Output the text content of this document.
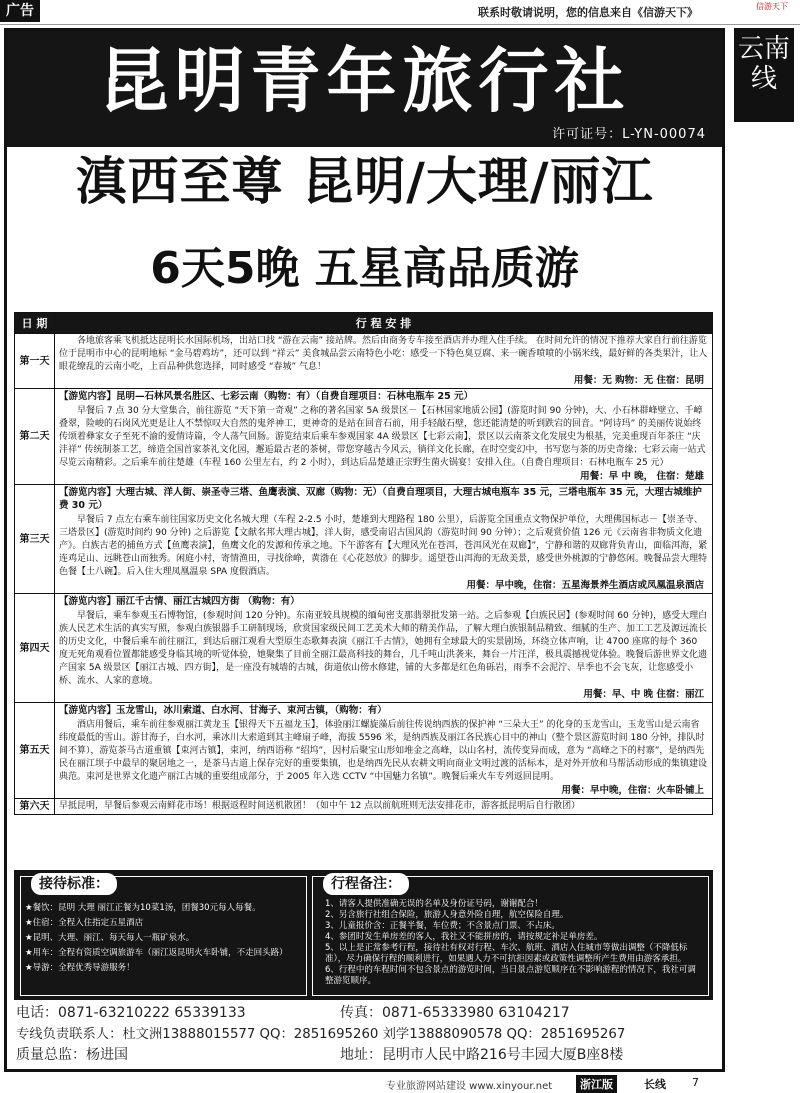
广告	联系时敬请说明，您的信息来自《信游天下》	信游天下
云南线
昆明青年旅行社
许可证号：L-YN-00074
滇西至尊 昆明/大理/丽江
6天5晚 五星高品质游
日 期	行 程 安 排
第一天	各地旅客乘飞机抵达昆明长水国际机场，出站口找 “游在云南” 接站牌。然后由商务专车接至酒店并办理入住手续。 在时间允许的情况下推荐大家自行前往游览位于昆明市中心的昆明地标 “金马碧鸡坊”，还可以到 “祥云” 美食城品尝云南特色小吃：感受一下特色臭豆腐、来一碗香喷喷的小锅米线，最好鲜的各类果汁，让人眼花缭乱的云南小吃，上百品种供您选择，同时感受 “春城” 气息！
用餐：无 购物：无 住宿：昆明

第二天	【游览内容】昆明—石林风景名胜区、七彩云南（购物：有）（自费自理项目：石林电瓶车 25 元）
早餐后 7 点 30 分大堂集合，前往游览 “天下第一奇观” 之称的著名国家 5A 级景区－【石林国家地质公园】(游览时间 90 分钟)，大、小石林群峰壁立、千嶂叠翠，险峻的石岗风光更是让人不禁惊叹大自然的鬼斧神工，更神奇的是站在回音石前，用手轻敲石壁，您还能清楚的听到跌宕的回音。“阿诗玛” 的美丽传说始终传颂着彝家女子至死不渝的爱情诗篇，令人荡气回肠。游览结束后乘车参观国家 4A 级景区【七彩云南】，景区以云南茶文化发展史为根基，完美重现百年茶庄 “庆沣祥” 传统制茶工艺，缔造全国首家茶礼文化园，邂逅最古老的茶树，带您穿越古今风云，徜徉文化长廊，在时空变幻中，书写您与茶的历史奇缘；七彩云南一站式尽览云南精彩。之后乘车前往楚雄（车程 160 公里左右，约 2 小时），到达后品楚雄正宗野生菌火锅宴！安排入住。（自费自理项目：石林电瓶车 25 元）
用餐：早 中 晚， 住宿：楚雄

第三天	【游览内容】大理古城、洋人街、崇圣寺三塔、鱼鹰表演、双廊（购物：无）（自费自理项目，大理古城电瓶车 35 元，三塔电瓶车 35 元，大理古城维护费 30 元）
早餐后 7 点左右乘车前往国家历史文化名城大理（车程 2-2.5 小时，楚雄到大理路程 180 公里），后游览全国重点文物保护单位，大理佛国标志－【崇圣寺、三塔景区】(游览时间约 90 分钟) 之后游览【文献名邦大理古城】，洋人街，感受南诏古国风韵（游览时间 90 分钟）；之后观赏价值 126 元《云南省非物质文化遗产》。白族古老的捕鱼方式【鱼鹰表演】，鱼鹰文化的发源和传承之地。下午游客有【大理风光在苍洱，苍洱风光在双廊】”，宁静和谐的双廊背负青山，面临洱海，紧连鸡足山、远眺苍山而独秀。闲庭小村，寄情渔田，寻找徐峥，黄渤在《心花怒放》的脚步。遥望苍山洱海的无敌美景，感受世外桃源的宁静悠闲。晚餐品尝大理特色餐【土八碗】。后入住大理凤凰温泉 SPA 度假酒店。
用餐：早中晚，住宿：五星海景养生酒店或凤凰温泉酒店

第四天	【游览内容】丽江千古情、丽江古城四方街 （购物：有）
早餐后，乘车参观玉石博物馆，(参观时间 120 分钟)。东南亚较具规模的缅甸密支那翡翠批发第一站。之后参观【白族民居】(参观时间 60 分钟)，感受大理白族人民艺术生活的真实写照，参观白族银器手工研制现场，欣赏国家级民间工艺美术大师的精美作品，了解大理白族银制品精致、细腻的生产、加工工艺及源远流长的历史文化，中餐后乘车前往丽江，到达后丽江观看大型原生态歌舞表演《丽江千古情》，她拥有全球最大的实景剧场，环绕立体声响，让 4700 座席的每个 360 度无死角观看位置都能感受身临其境的听觉体验，她聚集了目前全丽江最高科技的舞台，几千吨山洪袭来，舞台一片汪洋，极具震撼视觉体验。晚餐后游世界文化遗产国家 5A 级景区【丽江古城、四方街】，是一座没有城墙的古城，街道依山傍水修建，铺的大多都是红色角砾岩，雨季不会泥泞、旱季也不会飞灰，让您感受小桥、流水、人家的意境。
用餐：早、中 晚 住宿：丽江

第五天	【游览内容】玉龙雪山，冰川索道、白水河、甘海子、束河古镇，（购物：有）
酒店用餐后，乘车前往参观丽江黄龙玉【银得天下五福龙玉】，体验丽江螺旋藻后前往传说纳西族的保护神 “三朵大王” 的化身的玉龙雪山，玉龙雪山是云南省纬度最低的雪山。游甘海子，白水河，乘冰川大索道到其主峰扇子峰，海拔 5596 米，是纳西族及丽江各民族心目中的神山（整个景区游览时间 180 分钟，排队时间不算），游览茶马古道重镇【束河古镇】，束河，纳西语称 “绍坞”，因村后聚宝山形如堆金之高峰，以山名村，流传变异而成，意为 “高峰之下的村寨”，是纳西先民在丽江坝子中最早的聚居地之一，是茶马古道上保存完好的重要集镇，也是纳西先民从农耕文明向商业文明过渡的活标本，是对外开放和马帮活动形成的集镇建设典范。束河是世界文化遗产丽江古城的重要组成部分，于 2005 年入选 CCTV “中国魅力名镇”。晚餐后乘火车专列返回昆明。
用餐：早中晚，住宿：火车卧铺上

第六天	早抵昆明，早餐后参观云南鲜花市场！根据返程时间送机散团！（如中午 12 点以前航班则无法安排花市，游客抵昆明后自行散团）
接待标准：
★餐饮：昆明 大理 丽江正餐为10菜1汤，团餐30元每人每餐。
★住宿：全程入住指定五星酒店
★昆明、大理、丽江、每天每人一瓶矿泉水。
★用车：全程有资质空调旅游车（丽江返昆明火车卧铺，不走回头路）
★导游：全程优秀导游服务！
行程备注：
1、请客人提供准确无误的名单及身份证号码，谢谢配合！
2、另含旅行社组合保险，旅游人身意外险自理，航空保险自理。
3、儿童报价含：正餐半餐，车位费；不含景点门票、不占床。
4、参团时发生单房差的客人，我社又不能拼房的，请按规定补足单房差。
5、以上是正常参考行程，接待社有权对行程、车次、航班、酒店入住城市等做出调整（不降低标准），尽力确保行程的顺利进行，如果遇人力不可抗拒因素或政策性调整所产生费用由游客承担。
6、行程中的车程时间不包含景点的游览时间，当日景点游览顺序在不影响游程的情况下，我社可调整游览顺序。
电话：0871-63210222 65339133	传真：0871-65333980 63104217
专线负责联系人：杜文洲13888015577 QQ：2851695260 刘学13888090578 QQ：2851695267
质量总监：杨进国	地址：昆明市人民中路216号丰园大厦B座8楼
专业旅游网站建设 www.xinyour.net	浙江版	长线 7
